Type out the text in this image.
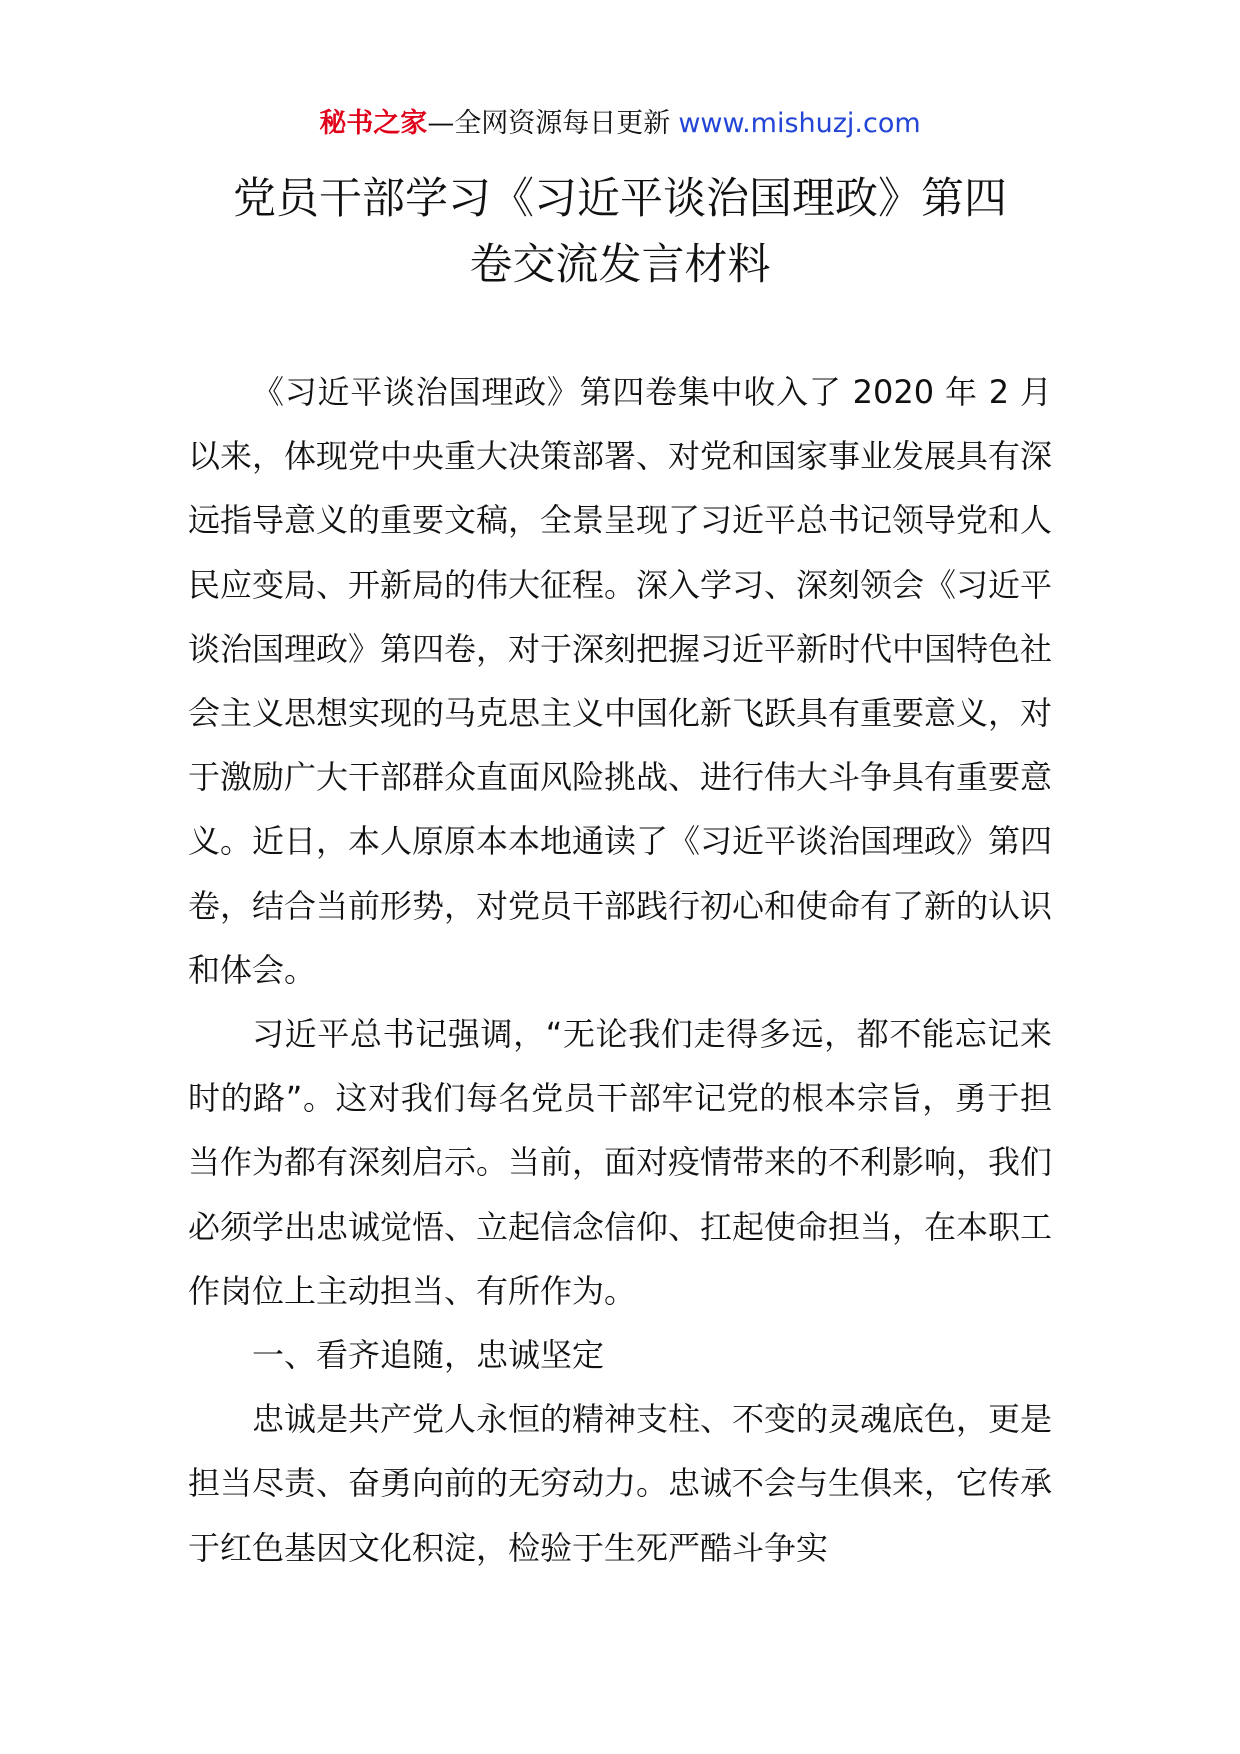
秘书之家—全网资源每日更新 www.mishuzj.com
党员干部学习《习近平谈治国理政》第四
卷交流发言材料

《习近平谈治国理政》第四卷集中收入了 2020 年 2 月以来，体现党中央重大决策部署、对党和国家事业发展具有深远指导意义的重要文稿，全景呈现了习近平总书记领导党和人民应变局、开新局的伟大征程。深入学习、深刻领会《习近平谈治国理政》第四卷，对于深刻把握习近平新时代中国特色社会主义思想实现的马克思主义中国化新飞跃具有重要意义，对于激励广大干部群众直面风险挑战、进行伟大斗争具有重要意义。近日，本人原原本本地通读了《习近平谈治国理政》第四卷，结合当前形势，对党员干部践行初心和使命有了新的认识和体会。

习近平总书记强调，“无论我们走得多远，都不能忘记来时的路”。这对我们每名党员干部牢记党的根本宗旨，勇于担当作为都有深刻启示。当前，面对疫情带来的不利影响，我们必须学出忠诚觉悟、立起信念信仰、扛起使命担当，在本职工作岗位上主动担当、有所作为。

一、看齐追随，忠诚坚定

忠诚是共产党人永恒的精神支柱、不变的灵魂底色，更是担当尽责、奋勇向前的无穷动力。忠诚不会与生俱来，它传承于红色基因文化积淀，检验于生死严酷斗争实
